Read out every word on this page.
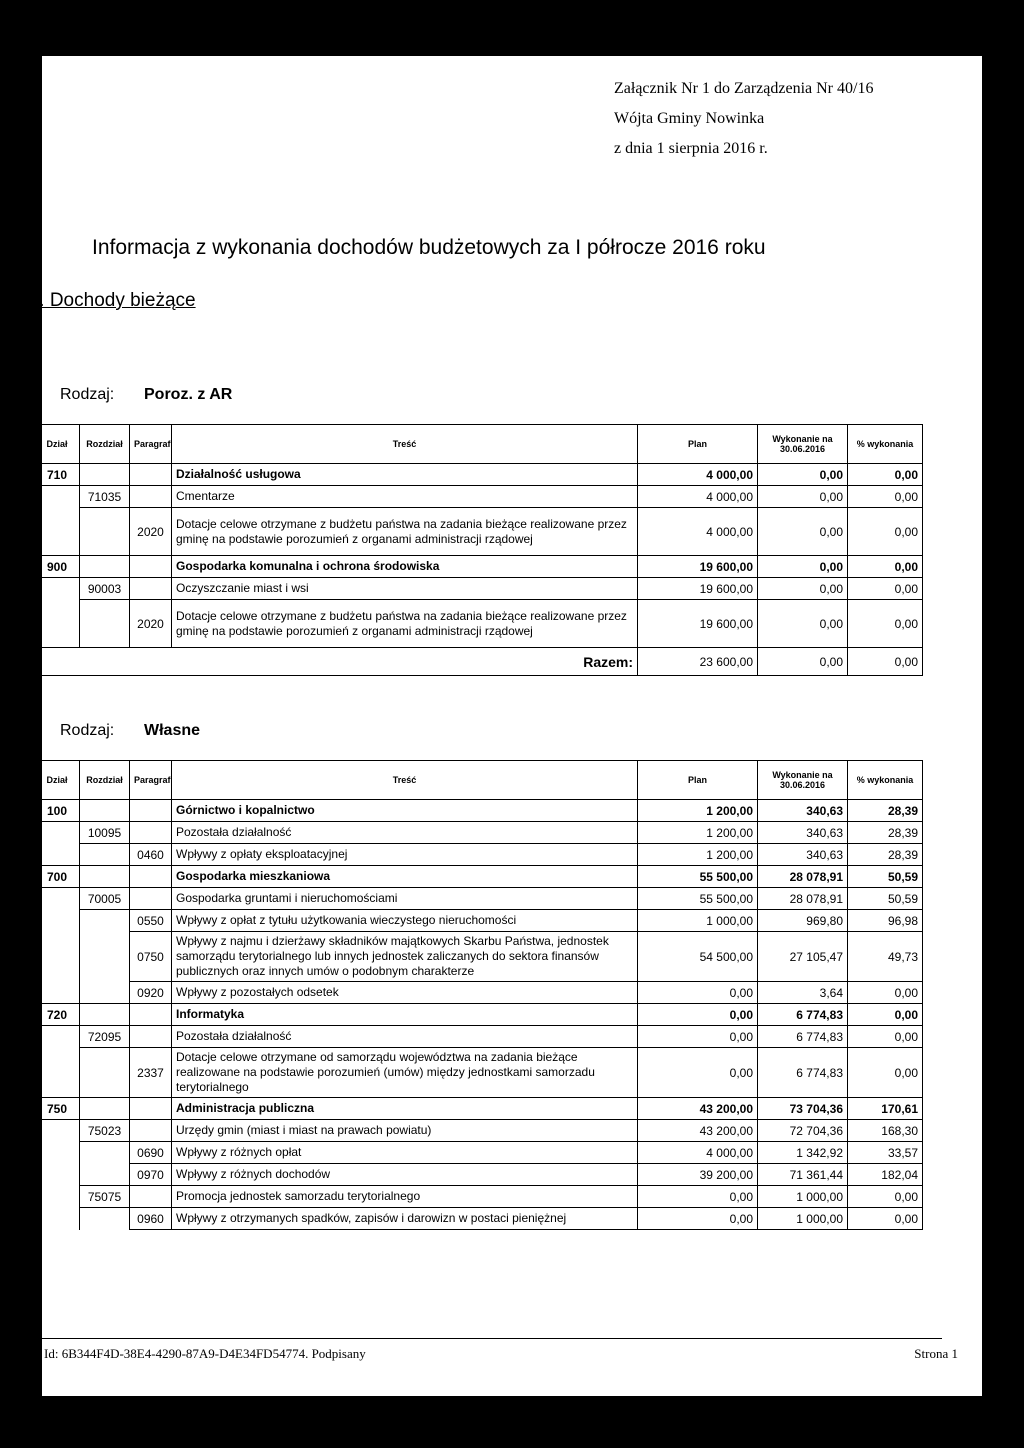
Załącznik Nr 1 do Zarządzenia Nr 40/16
Wójta Gminy Nowinka
z dnia 1 sierpnia 2016 r.
Informacja z wykonania dochodów budżetowych za I półrocze 2016 roku
I. Dochody bieżące
Rodzaj: Poroz. z AR
Dział	Rozdział	Paragraf	Treść	Plan	Wykonanie na 30.06.2016	% wykonania
710			Działalność usługowa	4 000,00	0,00	0,00
	71035		Cmentarze	4 000,00	0,00	0,00
		2020	Dotacje celowe otrzymane z budżetu państwa na zadania bieżące realizowane przez gminę na podstawie porozumień z organami administracji rządowej	4 000,00	0,00	0,00
900			Gospodarka komunalna i ochrona środowiska	19 600,00	0,00	0,00
	90003		Oczyszczanie miast i wsi	19 600,00	0,00	0,00
		2020	Dotacje celowe otrzymane z budżetu państwa na zadania bieżące realizowane przez gminę na podstawie porozumień z organami administracji rządowej	19 600,00	0,00	0,00
Razem:				23 600,00	0,00	0,00
Rodzaj: Własne
Dział	Rozdział	Paragraf	Treść	Plan	Wykonanie na 30.06.2016	% wykonania
100			Górnictwo i kopalnictwo	1 200,00	340,63	28,39
	10095		Pozostała działalność	1 200,00	340,63	28,39
		0460	Wpływy z opłaty eksploatacyjnej	1 200,00	340,63	28,39
700			Gospodarka mieszkaniowa	55 500,00	28 078,91	50,59
	70005		Gospodarka gruntami i nieruchomościami	55 500,00	28 078,91	50,59
		0550	Wpływy z opłat z tytułu użytkowania wieczystego nieruchomości	1 000,00	969,80	96,98
		0750	Wpływy z najmu i dzierżawy składników majątkowych Skarbu Państwa, jednostek samorządu terytorialnego lub innych jednostek zaliczanych do sektora finansów publicznych oraz innych umów o podobnym charakterze	54 500,00	27 105,47	49,73
		0920	Wpływy z pozostałych odsetek	0,00	3,64	0,00
720			Informatyka	0,00	6 774,83	0,00
	72095		Pozostała działalność	0,00	6 774,83	0,00
		2337	Dotacje celowe otrzymane od samorządu województwa na zadania bieżące realizowane na podstawie porozumień (umów) między jednostkami samorzadu terytorialnego	0,00	6 774,83	0,00
750			Administracja publiczna	43 200,00	73 704,36	170,61
	75023		Urzędy gmin (miast i miast na prawach powiatu)	43 200,00	72 704,36	168,30
		0690	Wpływy z różnych opłat	4 000,00	1 342,92	33,57
		0970	Wpływy z różnych dochodów	39 200,00	71 361,44	182,04
	75075		Promocja jednostek samorzadu terytorialnego	0,00	1 000,00	0,00
		0960	Wpływy z otrzymanych spadków, zapisów i darowizn w postaci pieniężnej	0,00	1 000,00	0,00
Id: 6B344F4D-38E4-4290-87A9-D4E34FD54774. Podpisany	Strona 1
